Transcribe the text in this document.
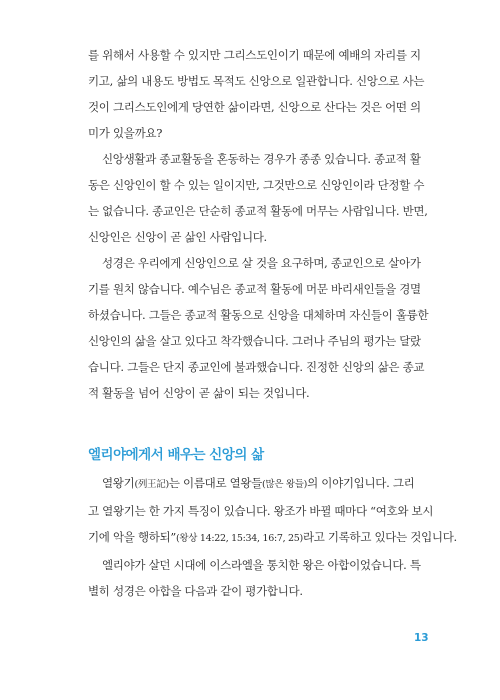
를 위해서 사용할 수 있지만 그리스도인이기 때문에 예배의 자리를 지
키고, 삶의 내용도 방법도 목적도 신앙으로 일관합니다. 신앙으로 사는
것이 그리스도인에게 당연한 삶이라면, 신앙으로 산다는 것은 어떤 의
미가 있을까요?

신앙생활과 종교활동을 혼동하는 경우가 종종 있습니다. 종교적 활
동은 신앙인이 할 수 있는 일이지만, 그것만으로 신앙인이라 단정할 수
는 없습니다. 종교인은 단순히 종교적 활동에 머무는 사람입니다. 반면,
신앙인은 신앙이 곧 삶인 사람입니다.

성경은 우리에게 신앙인으로 살 것을 요구하며, 종교인으로 살아가
기를 원치 않습니다. 예수님은 종교적 활동에 머문 바리새인들을 경멸
하셨습니다. 그들은 종교적 활동으로 신앙을 대체하며 자신들이 훌륭한
신앙인의 삶을 살고 있다고 착각했습니다. 그러나 주님의 평가는 달랐
습니다. 그들은 단지 종교인에 불과했습니다. 진정한 신앙의 삶은 종교
적 활동을 넘어 신앙이 곧 삶이 되는 것입니다.

엘리야에게서 배우는 신앙의 삶

열왕기(列王記)는 이름대로 열왕들(많은 왕들)의 이야기입니다. 그리
고 열왕기는 한 가지 특징이 있습니다. 왕조가 바뀔 때마다 “여호와 보시
기에 악을 행하되”(왕상 14:22, 15:34, 16:7, 25)라고 기록하고 있다는 것입니다.

엘리야가 살던 시대에 이스라엘을 통치한 왕은 아합이었습니다. 특
별히 성경은 아합을 다음과 같이 평가합니다.

13
